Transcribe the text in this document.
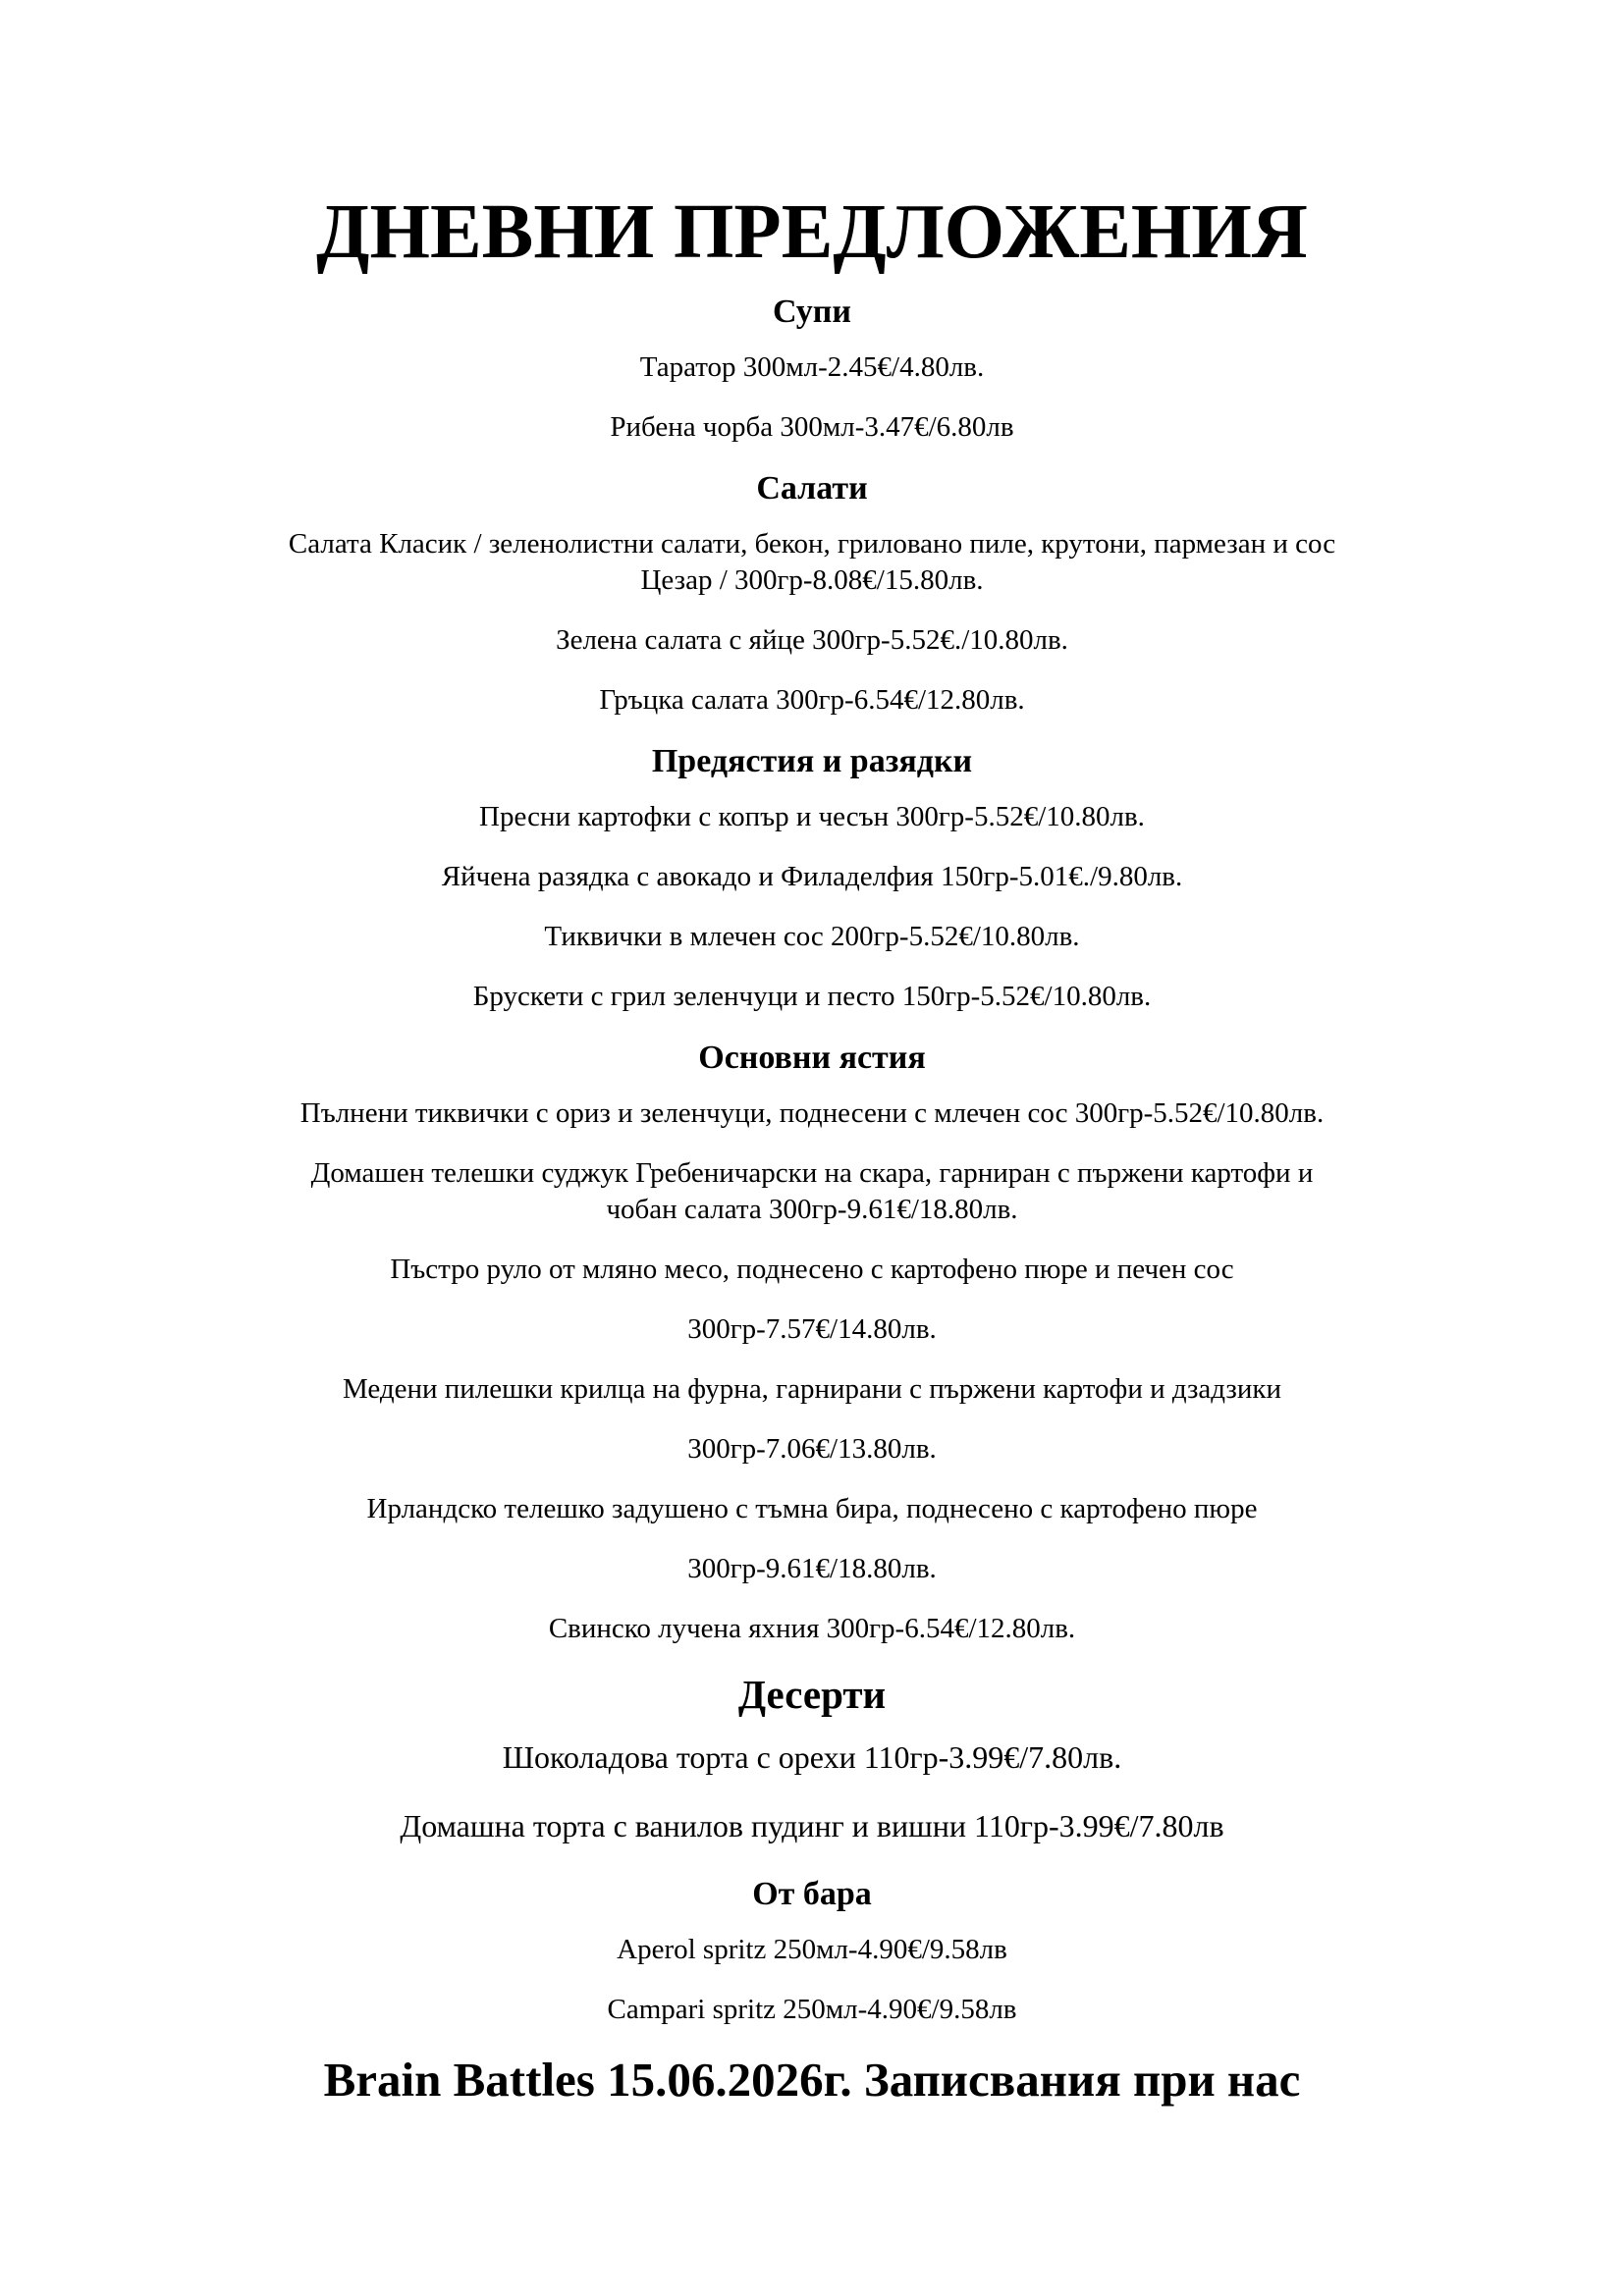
ДНЕВНИ ПРЕДЛОЖЕНИЯ
Супи
Таратор 300мл-2.45€/4.80лв.
Рибена чорба 300мл-3.47€/6.80лв
Салати
Салата Класик / зеленолистни салати, бекон, гриловано пиле, крутони, пармезан и сос
Цезар / 300гр-8.08€/15.80лв.
Зелена салата с яйце 300гр-5.52€./10.80лв.
Гръцка салата 300гр-6.54€/12.80лв.
Предястия и разядки
Пресни картофки с копър и чесън 300гр-5.52€/10.80лв.
Яйчена разядка с авокадо и Филаделфия 150гр-5.01€./9.80лв.
Тиквички в млечен сос 200гр-5.52€/10.80лв.
Брускети с грил зеленчуци и песто 150гр-5.52€/10.80лв.
Основни ястия
Пълнени тиквички с ориз и зеленчуци, поднесени с млечен сос 300гр-5.52€/10.80лв.
Домашен телешки суджук Гребеничарски на скара, гарниран с пържени картофи и
чобан салата 300гр-9.61€/18.80лв.
Пъстро руло от мляно месо, поднесено с картофено пюре и печен сос
300гр-7.57€/14.80лв.
Медени пилешки крилца на фурна, гарнирани с пържени картофи и дзадзики
300гр-7.06€/13.80лв.
Ирландско телешко задушено с тъмна бира, поднесено с картофено пюре
300гр-9.61€/18.80лв.
Свинско лучена яхния 300гр-6.54€/12.80лв.
Десерти
Шоколадова торта с орехи 110гр-3.99€/7.80лв.
Домашна торта с ванилов пудинг и вишни 110гр-3.99€/7.80лв
От бара
Aperol spritz 250мл-4.90€/9.58лв
Campari spritz 250мл-4.90€/9.58лв
Brain Battles 15.06.2026г. Записвания при нас
